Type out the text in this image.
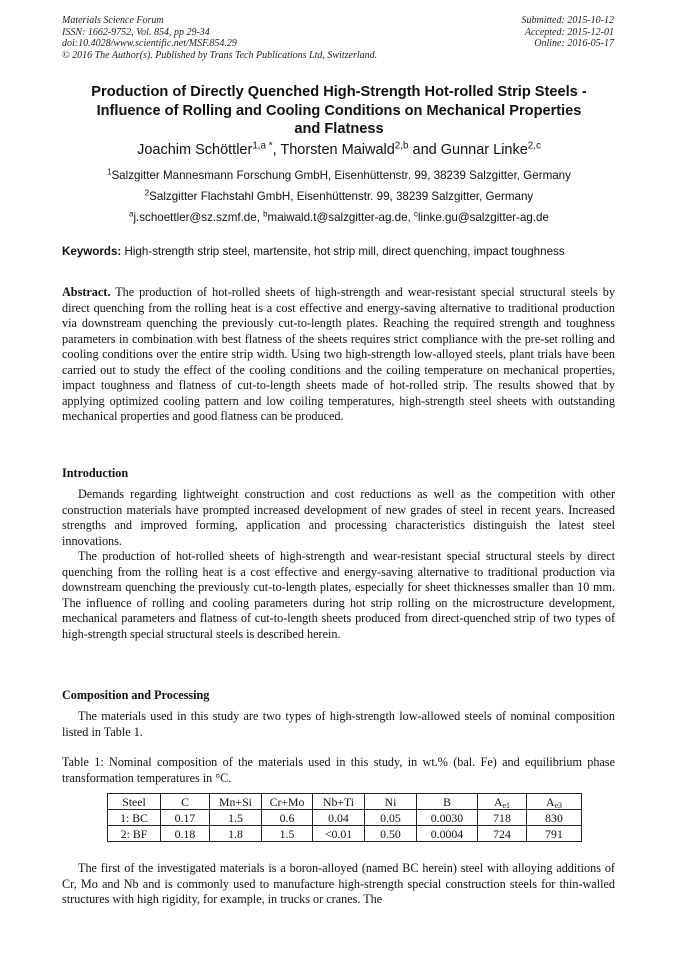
Materials Science Forum
ISSN: 1662-9752, Vol. 854, pp 29-34
doi:10.4028/www.scientific.net/MSF.854.29
© 2016 The Author(s). Published by Trans Tech Publications Ltd, Switzerland.
Submitted: 2015-10-12
Accepted: 2015-12-01
Online: 2016-05-17
Production of Directly Quenched High-Strength Hot-rolled Strip Steels -
Influence of Rolling and Cooling Conditions on Mechanical Properties
and Flatness
Joachim Schöttler$^{1,a *}$, Thorsten Maiwald$^{2,b}$ and Gunnar Linke$^{2,c}$
$^1$Salzgitter Mannesmann Forschung GmbH, Eisenhüttenstr. 99, 38239 Salzgitter, Germany
$^2$Salzgitter Flachstahl GmbH, Eisenhüttenstr. 99, 38239 Salzgitter, Germany
$^a$j.schoettler@sz.szmf.de, $^b$maiwald.t@salzgitter-ag.de, $^c$linke.gu@salzgitter-ag.de
Keywords: High-strength strip steel, martensite, hot strip mill, direct quenching, impact toughness

Abstract. The production of hot-rolled sheets of high-strength and wear-resistant special structural steels by direct quenching from the rolling heat is a cost effective and energy-saving alternative to traditional production via downstream quenching the previously cut-to-length plates. Reaching the required strength and toughness parameters in combination with best flatness of the sheets requires strict compliance with the pre-set rolling and cooling conditions over the entire strip width. Using two high-strength low-alloyed steels, plant trials have been carried out to study the effect of the cooling conditions and the coiling temperature on mechanical properties, impact toughness and flatness of cut-to-length sheets made of hot-rolled strip. The results showed that by applying optimized cooling pattern and low coiling temperatures, high-strength steel sheets with outstanding mechanical properties and good flatness can be produced.

Introduction

Demands regarding lightweight construction and cost reductions as well as the competition with other construction materials have prompted increased development of new grades of steel in recent years. Increased strengths and improved forming, application and processing characteristics distinguish the latest steel innovations.

The production of hot-rolled sheets of high-strength and wear-resistant special structural steels by direct quenching from the rolling heat is a cost effective and energy-saving alternative to traditional production via downstream quenching the previously cut-to-length plates, especially for sheet thicknesses smaller than 10 mm. The influence of rolling and cooling parameters during hot strip rolling on the microstructure development, mechanical parameters and flatness of cut-to-length sheets produced from direct-quenched strip of two types of high-strength special structural steels is described herein.

Composition and Processing

The materials used in this study are two types of high-strength low-allowed steels of nominal composition listed in Table 1.

Table 1: Nominal composition of the materials used in this study, in wt.% (bal. Fe) and equilibrium phase transformation temperatures in °C.

Steel	C	Mn+Si	Cr+Mo	Nb+Ti	Ni	B	$A_{e1}$	$A_{e3}$
1: BC	0.17	1.5	0.6	0.04	0.05	0.0030	718	830
2: BF	0.18	1.8	1.5	<0.01	0.50	0.0004	724	791

The first of the investigated materials is a boron-alloyed (named BC herein) steel with alloying additions of Cr, Mo and Nb and is commonly used to manufacture high-strength special construction steels for thin-walled structures with high rigidity, for example, in trucks or cranes. The
